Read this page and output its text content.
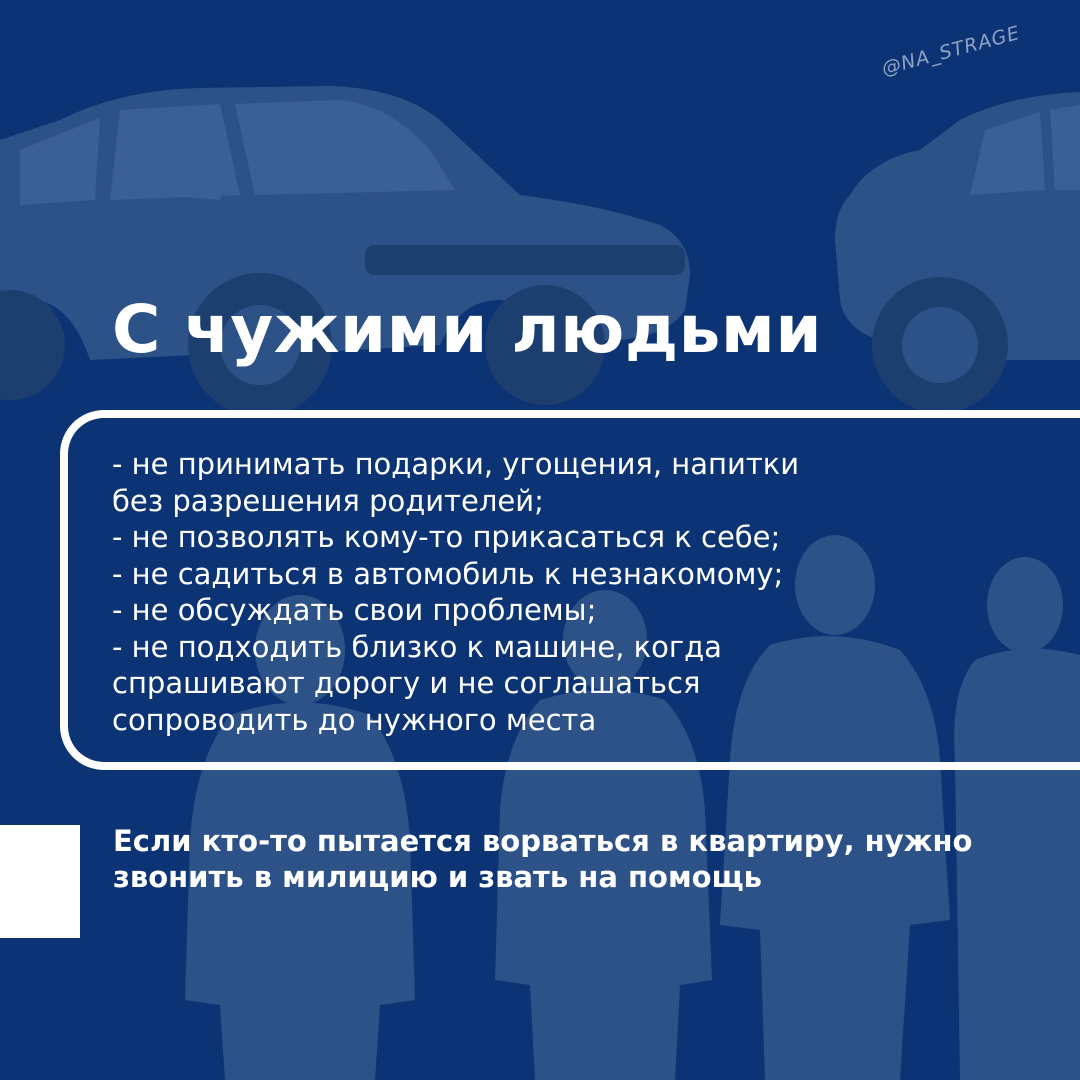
@NA_STRAGE
С чужими людьми
- не принимать подарки, угощения, напитки
без разрешения родителей;
- не позволять кому-то прикасаться к себе;
- не садиться в автомобиль к незнакомому;
- не обсуждать свои проблемы;
- не подходить близко к машине, когда
спрашивают дорогу и не соглашаться
сопроводить до нужного места

Если кто-то пытается ворваться в квартиру, нужно звонить в милицию и звать на помощь
